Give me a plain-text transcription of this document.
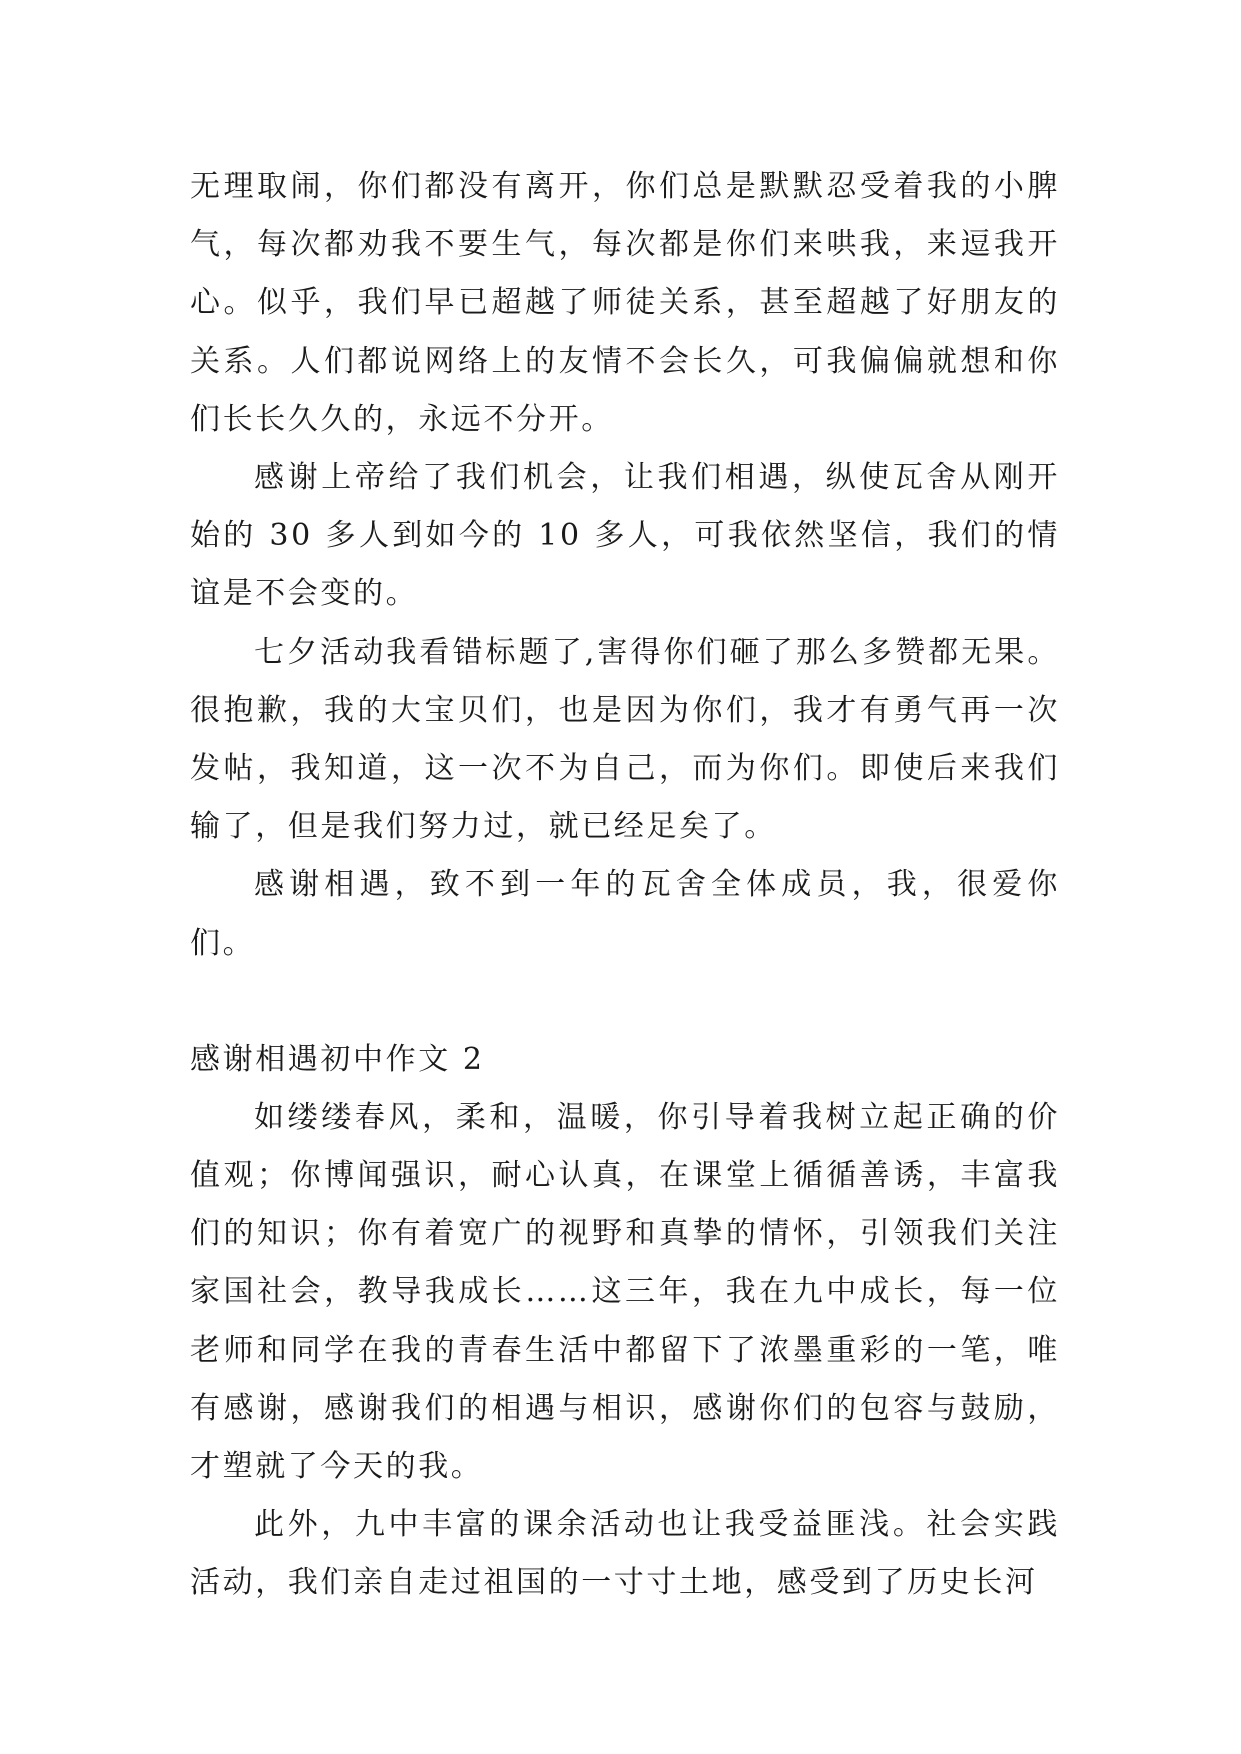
无理取闹，你们都没有离开，你们总是默默忍受着我的小脾气，每次都劝我不要生气，每次都是你们来哄我，来逗我开心。似乎，我们早已超越了师徒关系，甚至超越了好朋友的关系。人们都说网络上的友情不会长久，可我偏偏就想和你们长长久久的，永远不分开。

感谢上帝给了我们机会，让我们相遇，纵使瓦舍从刚开始的 30 多人到如今的 10 多人，可我依然坚信，我们的情谊是不会变的。

七夕活动我看错标题了,害得你们砸了那么多赞都无果。很抱歉，我的大宝贝们，也是因为你们，我才有勇气再一次发帖，我知道，这一次不为自己，而为你们。即使后来我们输了，但是我们努力过，就已经足矣了。

感谢相遇，致不到一年的瓦舍全体成员，我，很爱你们。

感谢相遇初中作文 2

如缕缕春风，柔和，温暖，你引导着我树立起正确的价值观；你博闻强识，耐心认真，在课堂上循循善诱，丰富我们的知识；你有着宽广的视野和真挚的情怀，引领我们关注家国社会，教导我成长……这三年，我在九中成长，每一位老师和同学在我的青春生活中都留下了浓墨重彩的一笔，唯有感谢，感谢我们的相遇与相识，感谢你们的包容与鼓励，才塑就了今天的我。

此外，九中丰富的课余活动也让我受益匪浅。社会实践活动，我们亲自走过祖国的一寸寸土地，感受到了历史长河
